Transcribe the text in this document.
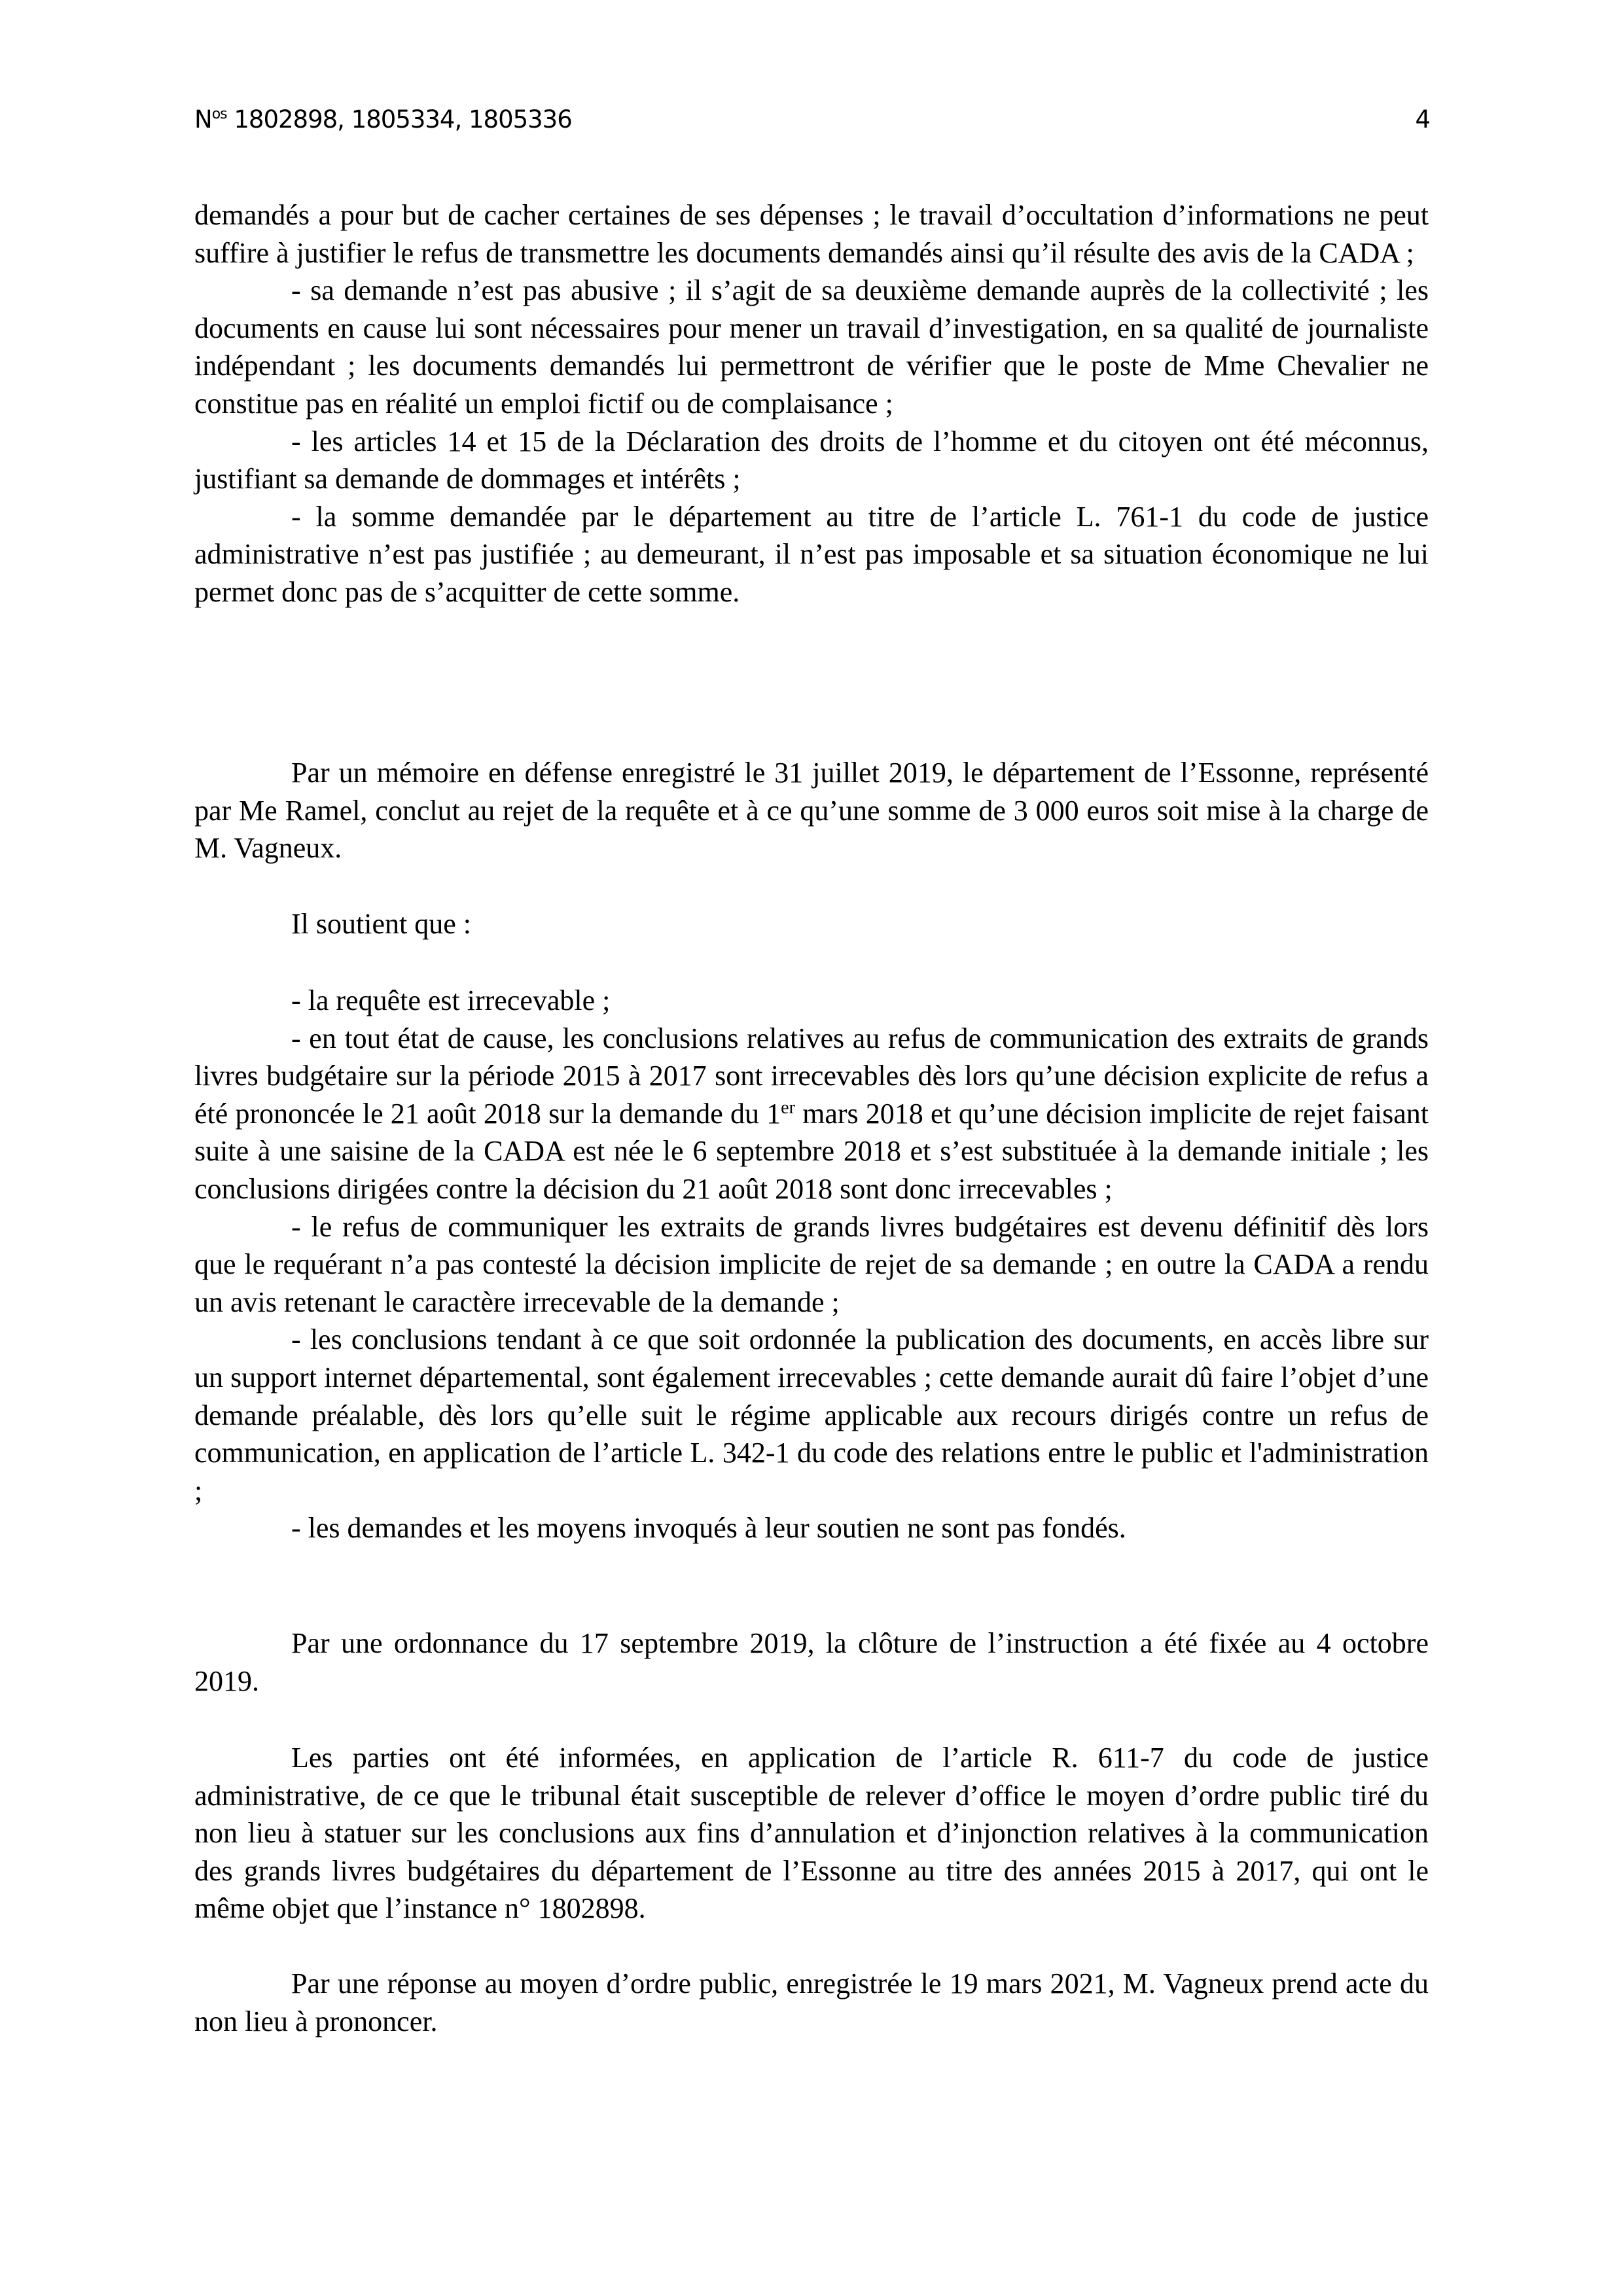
$N^{os}$ 1802898, 1805334, 1805336	4

demandés a pour but de cacher certaines de ses dépenses ; le travail d’occultation d’informations ne peut suffire à justifier le refus de transmettre les documents demandés ainsi qu’il résulte des avis de la CADA ;

- sa demande n’est pas abusive ; il s’agit de sa deuxième demande auprès de la collectivité ; les documents en cause lui sont nécessaires pour mener un travail d’investigation, en sa qualité de journaliste indépendant ; les documents demandés lui permettront de vérifier que le poste de Mme Chevalier ne constitue pas en réalité un emploi fictif ou de complaisance ;

- les articles 14 et 15 de la Déclaration des droits de l’homme et du citoyen ont été méconnus, justifiant sa demande de dommages et intérêts ;

- la somme demandée par le département au titre de l’article L. 761-1 du code de justice administrative n’est pas justifiée ; au demeurant, il n’est pas imposable et sa situation économique ne lui permet donc pas de s’acquitter de cette somme.

Par un mémoire en défense enregistré le 31 juillet 2019, le département de l’Essonne, représenté par Me Ramel, conclut au rejet de la requête et à ce qu’une somme de 3 000 euros soit mise à la charge de M. Vagneux.

Il soutient que :

- la requête est irrecevable ;

- en tout état de cause, les conclusions relatives au refus de communication des extraits de grands livres budgétaire sur la période 2015 à 2017 sont irrecevables dès lors qu’une décision explicite de refus a été prononcée le 21 août 2018 sur la demande du 1er mars 2018 et qu’une décision implicite de rejet faisant suite à une saisine de la CADA est née le 6 septembre 2018 et s’est substituée à la demande initiale ; les conclusions dirigées contre la décision du 21 août 2018 sont donc irrecevables ;

- le refus de communiquer les extraits de grands livres budgétaires est devenu définitif dès lors que le requérant n’a pas contesté la décision implicite de rejet de sa demande ; en outre la CADA a rendu un avis retenant le caractère irrecevable de la demande ;

- les conclusions tendant à ce que soit ordonnée la publication des documents, en accès libre sur un support internet départemental, sont également irrecevables ; cette demande aurait dû faire l’objet d’une demande préalable, dès lors qu’elle suit le régime applicable aux recours dirigés contre un refus de communication, en application de l’article L. 342-1 du code des relations entre le public et l'administration ;

- les demandes et les moyens invoqués à leur soutien ne sont pas fondés.

Par une ordonnance du 17 septembre 2019, la clôture de l’instruction a été fixée au 4 octobre 2019.

Les parties ont été informées, en application de l’article R. 611-7 du code de justice administrative, de ce que le tribunal était susceptible de relever d’office le moyen d’ordre public tiré du non lieu à statuer sur les conclusions aux fins d’annulation et d’injonction relatives à la communication des grands livres budgétaires du département de l’Essonne au titre des années 2015 à 2017, qui ont le même objet que l’instance n° 1802898.

Par une réponse au moyen d’ordre public, enregistrée le 19 mars 2021, M. Vagneux prend acte du non lieu à prononcer.
